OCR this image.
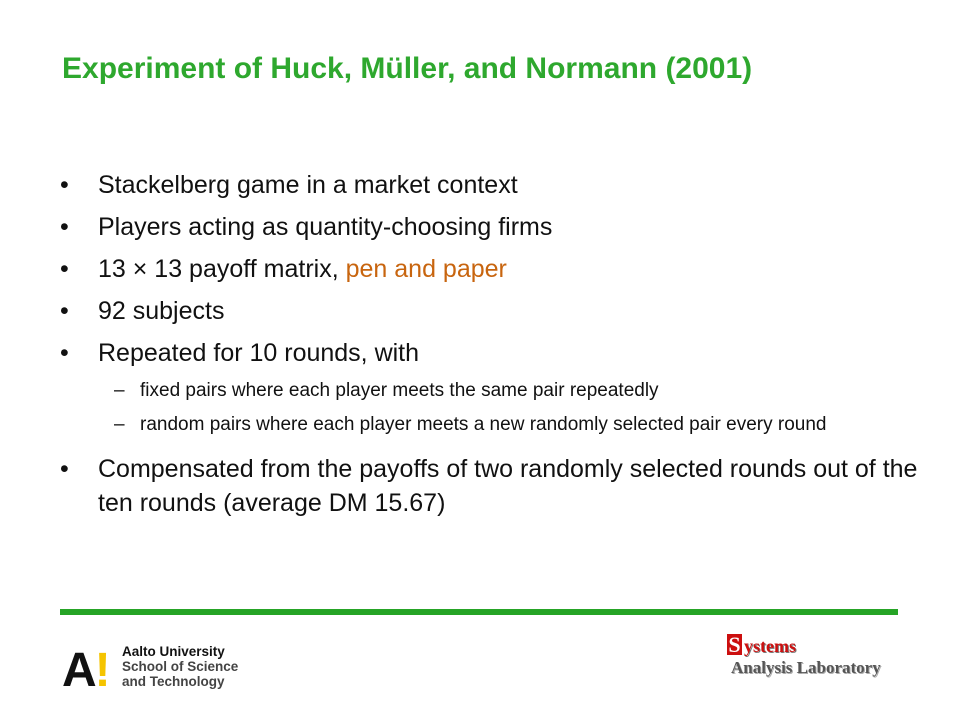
Experiment of Huck, Müller, and Normann (2001)
• Stackelberg game in a market context
• Players acting as quantity-choosing firms
• 13 × 13 payoff matrix, pen and paper
• 92 subjects
• Repeated for 10 rounds, with
– fixed pairs where each player meets the same pair repeatedly
– random pairs where each player meets a new randomly selected pair every round
• Compensated from the payoffs of two randomly selected rounds out of the ten rounds (average DM 15.67)
A! Aalto University
School of Science
and Technology
S ystems
Analysis Laboratory
